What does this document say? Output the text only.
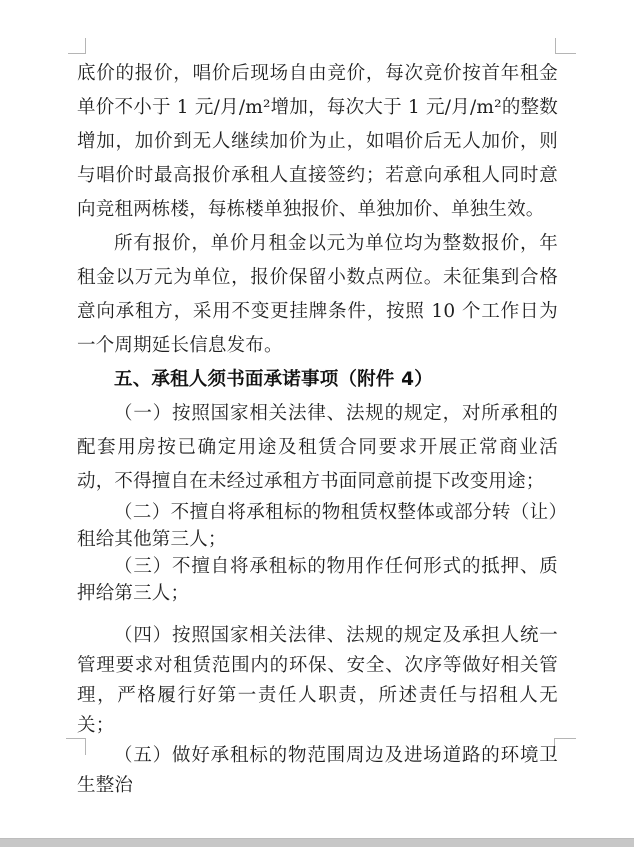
底价的报价，唱价后现场自由竞价，每次竞价按首年租金单价不小于 1 元/月/m²增加，每次大于 1 元/月/m²的整数增加，加价到无人继续加价为止，如唱价后无人加价，则与唱价时最高报价承租人直接签约；若意向承租人同时意向竞租两栋楼，每栋楼单独报价、单独加价、单独生效。

所有报价，单价月租金以元为单位均为整数报价，年租金以万元为单位，报价保留小数点两位。未征集到合格意向承租方，采用不变更挂牌条件，按照 10 个工作日为一个周期延长信息发布。

五、承租人须书面承诺事项（附件 4）

（一）按照国家相关法律、法规的规定，对所承租的配套用房按已确定用途及租赁合同要求开展正常商业活动，不得擅自在未经过承租方书面同意前提下改变用途；

（二）不擅自将承租标的物租赁权整体或部分转（让）租给其他第三人；

（三）不擅自将承租标的物用作任何形式的抵押、质押给第三人；

（四）按照国家相关法律、法规的规定及承担人统一管理要求对租赁范围内的环保、安全、次序等做好相关管理，严格履行好第一责任人职责，所述责任与招租人无关；

（五）做好承租标的物范围周边及进场道路的环境卫生整治
